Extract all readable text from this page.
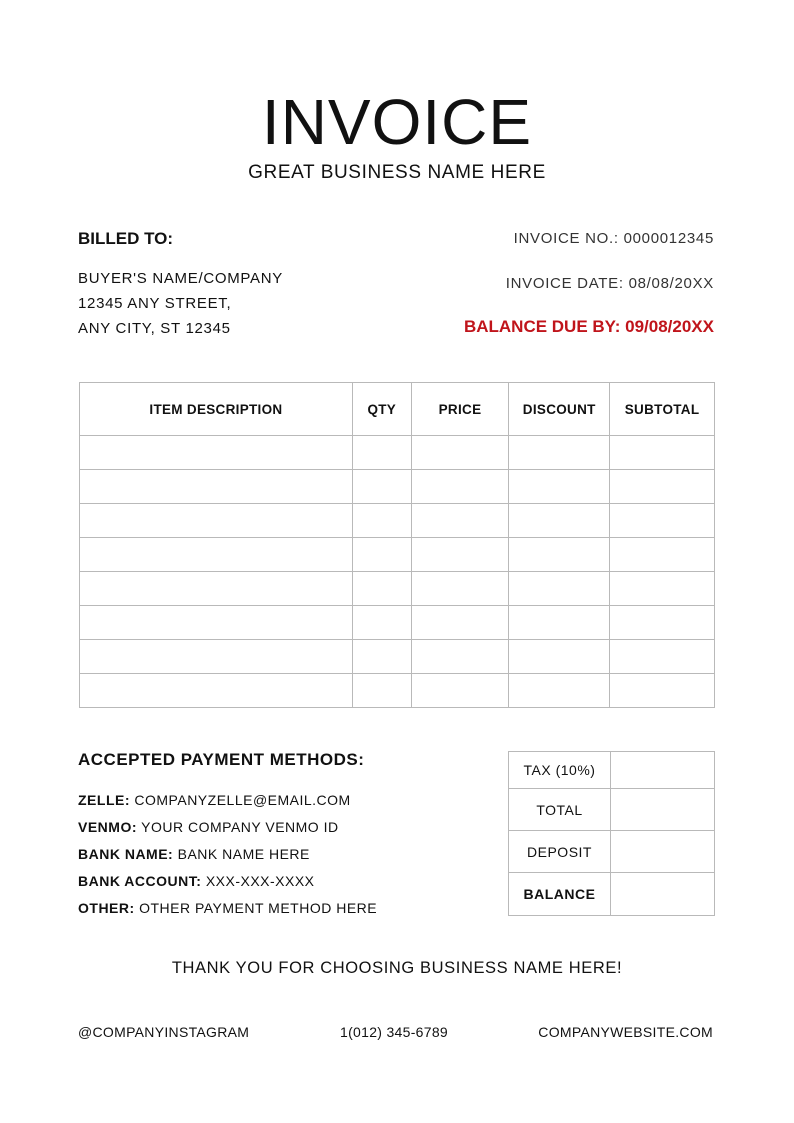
INVOICE
GREAT BUSINESS NAME HERE
BILLED TO:
BUYER'S NAME/COMPANY
12345 ANY STREET,
ANY CITY, ST 12345
INVOICE NO.: 0000012345
INVOICE DATE: 08/08/20XX
BALANCE DUE BY: 09/08/20XX
ITEM DESCRIPTION	QTY	PRICE	DISCOUNT	SUBTOTAL

ACCEPTED PAYMENT METHODS:
ZELLE: COMPANYZELLE@EMAIL.COM
VENMO: YOUR COMPANY VENMO ID
BANK NAME: BANK NAME HERE
BANK ACCOUNT: XXX-XXX-XXXX
OTHER: OTHER PAYMENT METHOD HERE
TAX (10%)	
TOTAL	
DEPOSIT	
BALANCE	
THANK YOU FOR CHOOSING BUSINESS NAME HERE!
@COMPANYINSTAGRAM	1(012) 345-6789	COMPANYWEBSITE.COM
